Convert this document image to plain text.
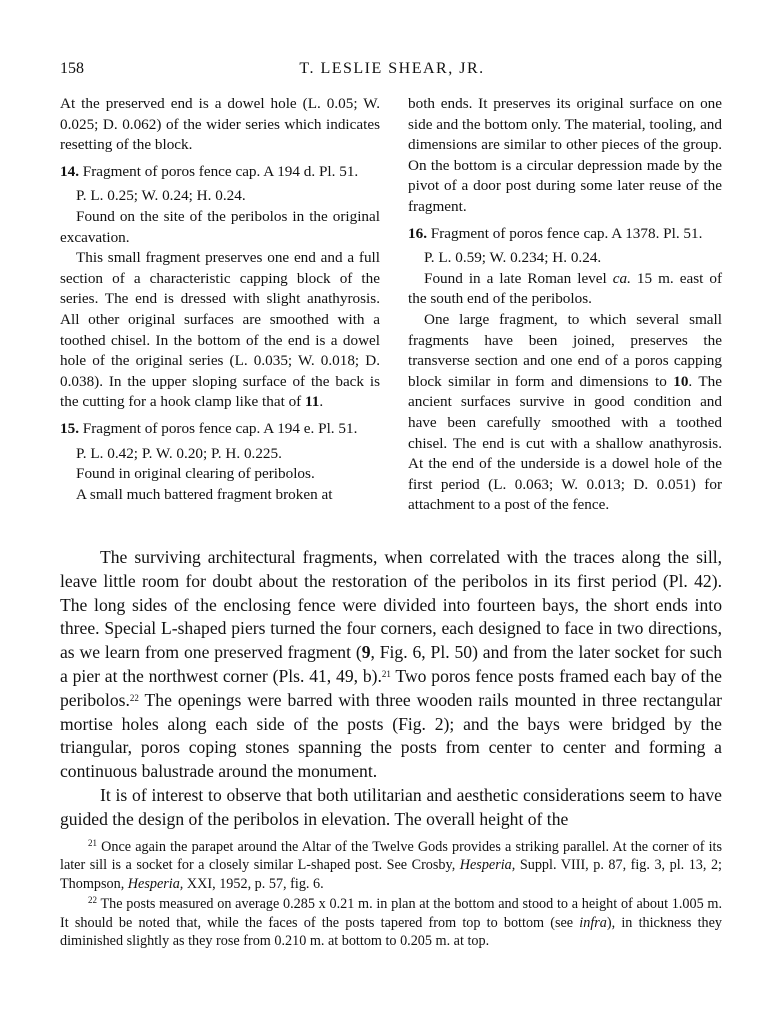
158	T. LESLIE SHEAR, JR.

At the preserved end is a dowel hole (L. 0.05; W. 0.025; D. 0.062) of the wider series which indicates resetting of the block.

14. Fragment of poros fence cap. A 194 d. Pl. 51.

P. L. 0.25; W. 0.24; H. 0.24.

Found on the site of the peribolos in the original excavation.

This small fragment preserves one end and a full section of a characteristic capping block of the series. The end is dressed with slight anathyrosis. All other original surfaces are smoothed with a toothed chisel. In the bottom of the end is a dowel hole of the original series (L. 0.035; W. 0.018; D. 0.038). In the upper sloping surface of the back is the cutting for a hook clamp like that of 11.

15. Fragment of poros fence cap. A 194 e. Pl. 51.

P. L. 0.42; P. W. 0.20; P. H. 0.225.

Found in original clearing of peribolos.

A small much battered fragment broken at

both ends. It preserves its original surface on one side and the bottom only. The material, tooling, and dimensions are similar to other pieces of the group. On the bottom is a circular depression made by the pivot of a door post during some later reuse of the fragment.

16. Fragment of poros fence cap. A 1378. Pl. 51.

P. L. 0.59; W. 0.234; H. 0.24.

Found in a late Roman level ca. 15 m. east of the south end of the peribolos.

One large fragment, to which several small fragments have been joined, preserves the transverse section and one end of a poros capping block similar in form and dimensions to 10. The ancient surfaces survive in good condition and have been carefully smoothed with a toothed chisel. The end is cut with a shallow anathyrosis. At the end of the underside is a dowel hole of the first period (L. 0.063; W. 0.013; D. 0.051) for attachment to a post of the fence.

The surviving architectural fragments, when correlated with the traces along the sill, leave little room for doubt about the restoration of the peribolos in its first period (Pl. 42). The long sides of the enclosing fence were divided into fourteen bays, the short ends into three. Special L-shaped piers turned the four corners, each designed to face in two directions, as we learn from one preserved fragment (9, Fig. 6, Pl. 50) and from the later socket for such a pier at the northwest corner (Pls. 41, 49, b).$^{21}$ Two poros fence posts framed each bay of the peribolos.$^{22}$ The openings were barred with three wooden rails mounted in three rectangular mortise holes along each side of the posts (Fig. 2); and the bays were bridged by the triangular, poros coping stones spanning the posts from center to center and forming a continuous balustrade around the monument.

It is of interest to observe that both utilitarian and aesthetic considerations seem to have guided the design of the peribolos in elevation. The overall height of the

$^{21}$ Once again the parapet around the Altar of the Twelve Gods provides a striking parallel. At the corner of its later sill is a socket for a closely similar L-shaped post. See Crosby, Hesperia, Suppl. VIII, p. 87, fig. 3, pl. 13, 2; Thompson, Hesperia, XXI, 1952, p. 57, fig. 6.

$^{22}$ The posts measured on average 0.285 x 0.21 m. in plan at the bottom and stood to a height of about 1.005 m. It should be noted that, while the faces of the posts tapered from top to bottom (see infra), in thickness they diminished slightly as they rose from 0.210 m. at bottom to 0.205 m. at top.
